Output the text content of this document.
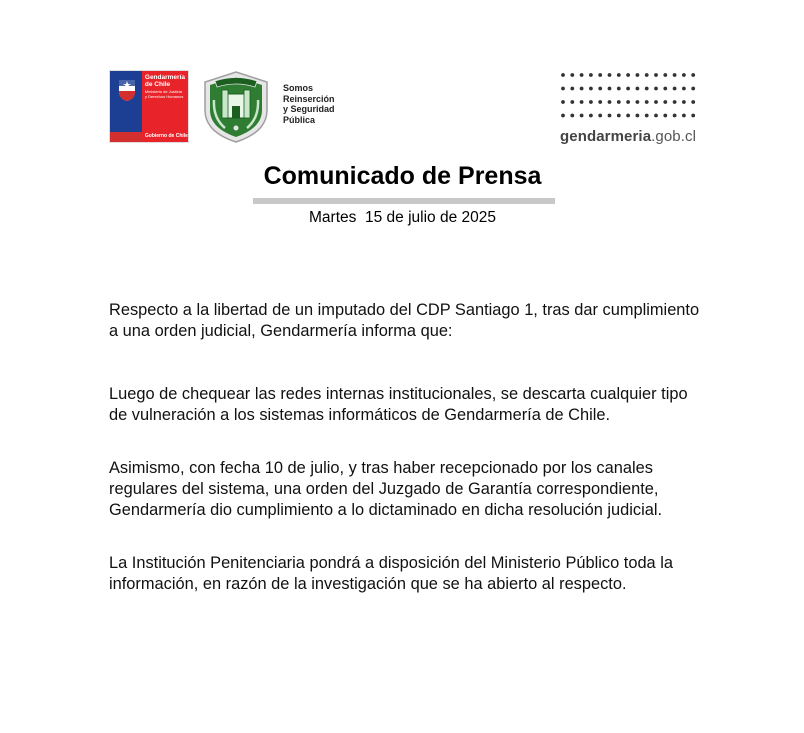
Gendarmería
de Chile
Ministerio de Justicia y Derechos Humanos
Gobierno de Chile
Somos
Reinserción
y Seguridad
Pública
gendarmeria.gob.cl
Comunicado de Prensa
Martes  15 de julio de 2025

Respecto a la libertad de un imputado del CDP Santiago 1, tras dar cumplimiento a una orden judicial, Gendarmería informa que:

Luego de chequear las redes internas institucionales, se descarta cualquier tipo de vulneración a los sistemas informáticos de Gendarmería de Chile.

Asimismo, con fecha 10 de julio, y tras haber recepcionado por los canales regulares del sistema, una orden del Juzgado de Garantía correspondiente, Gendarmería dio cumplimiento a lo dictaminado en dicha resolución judicial.

La Institución Penitenciaria pondrá a disposición del Ministerio Público toda la información, en razón de la investigación que se ha abierto al respecto.
